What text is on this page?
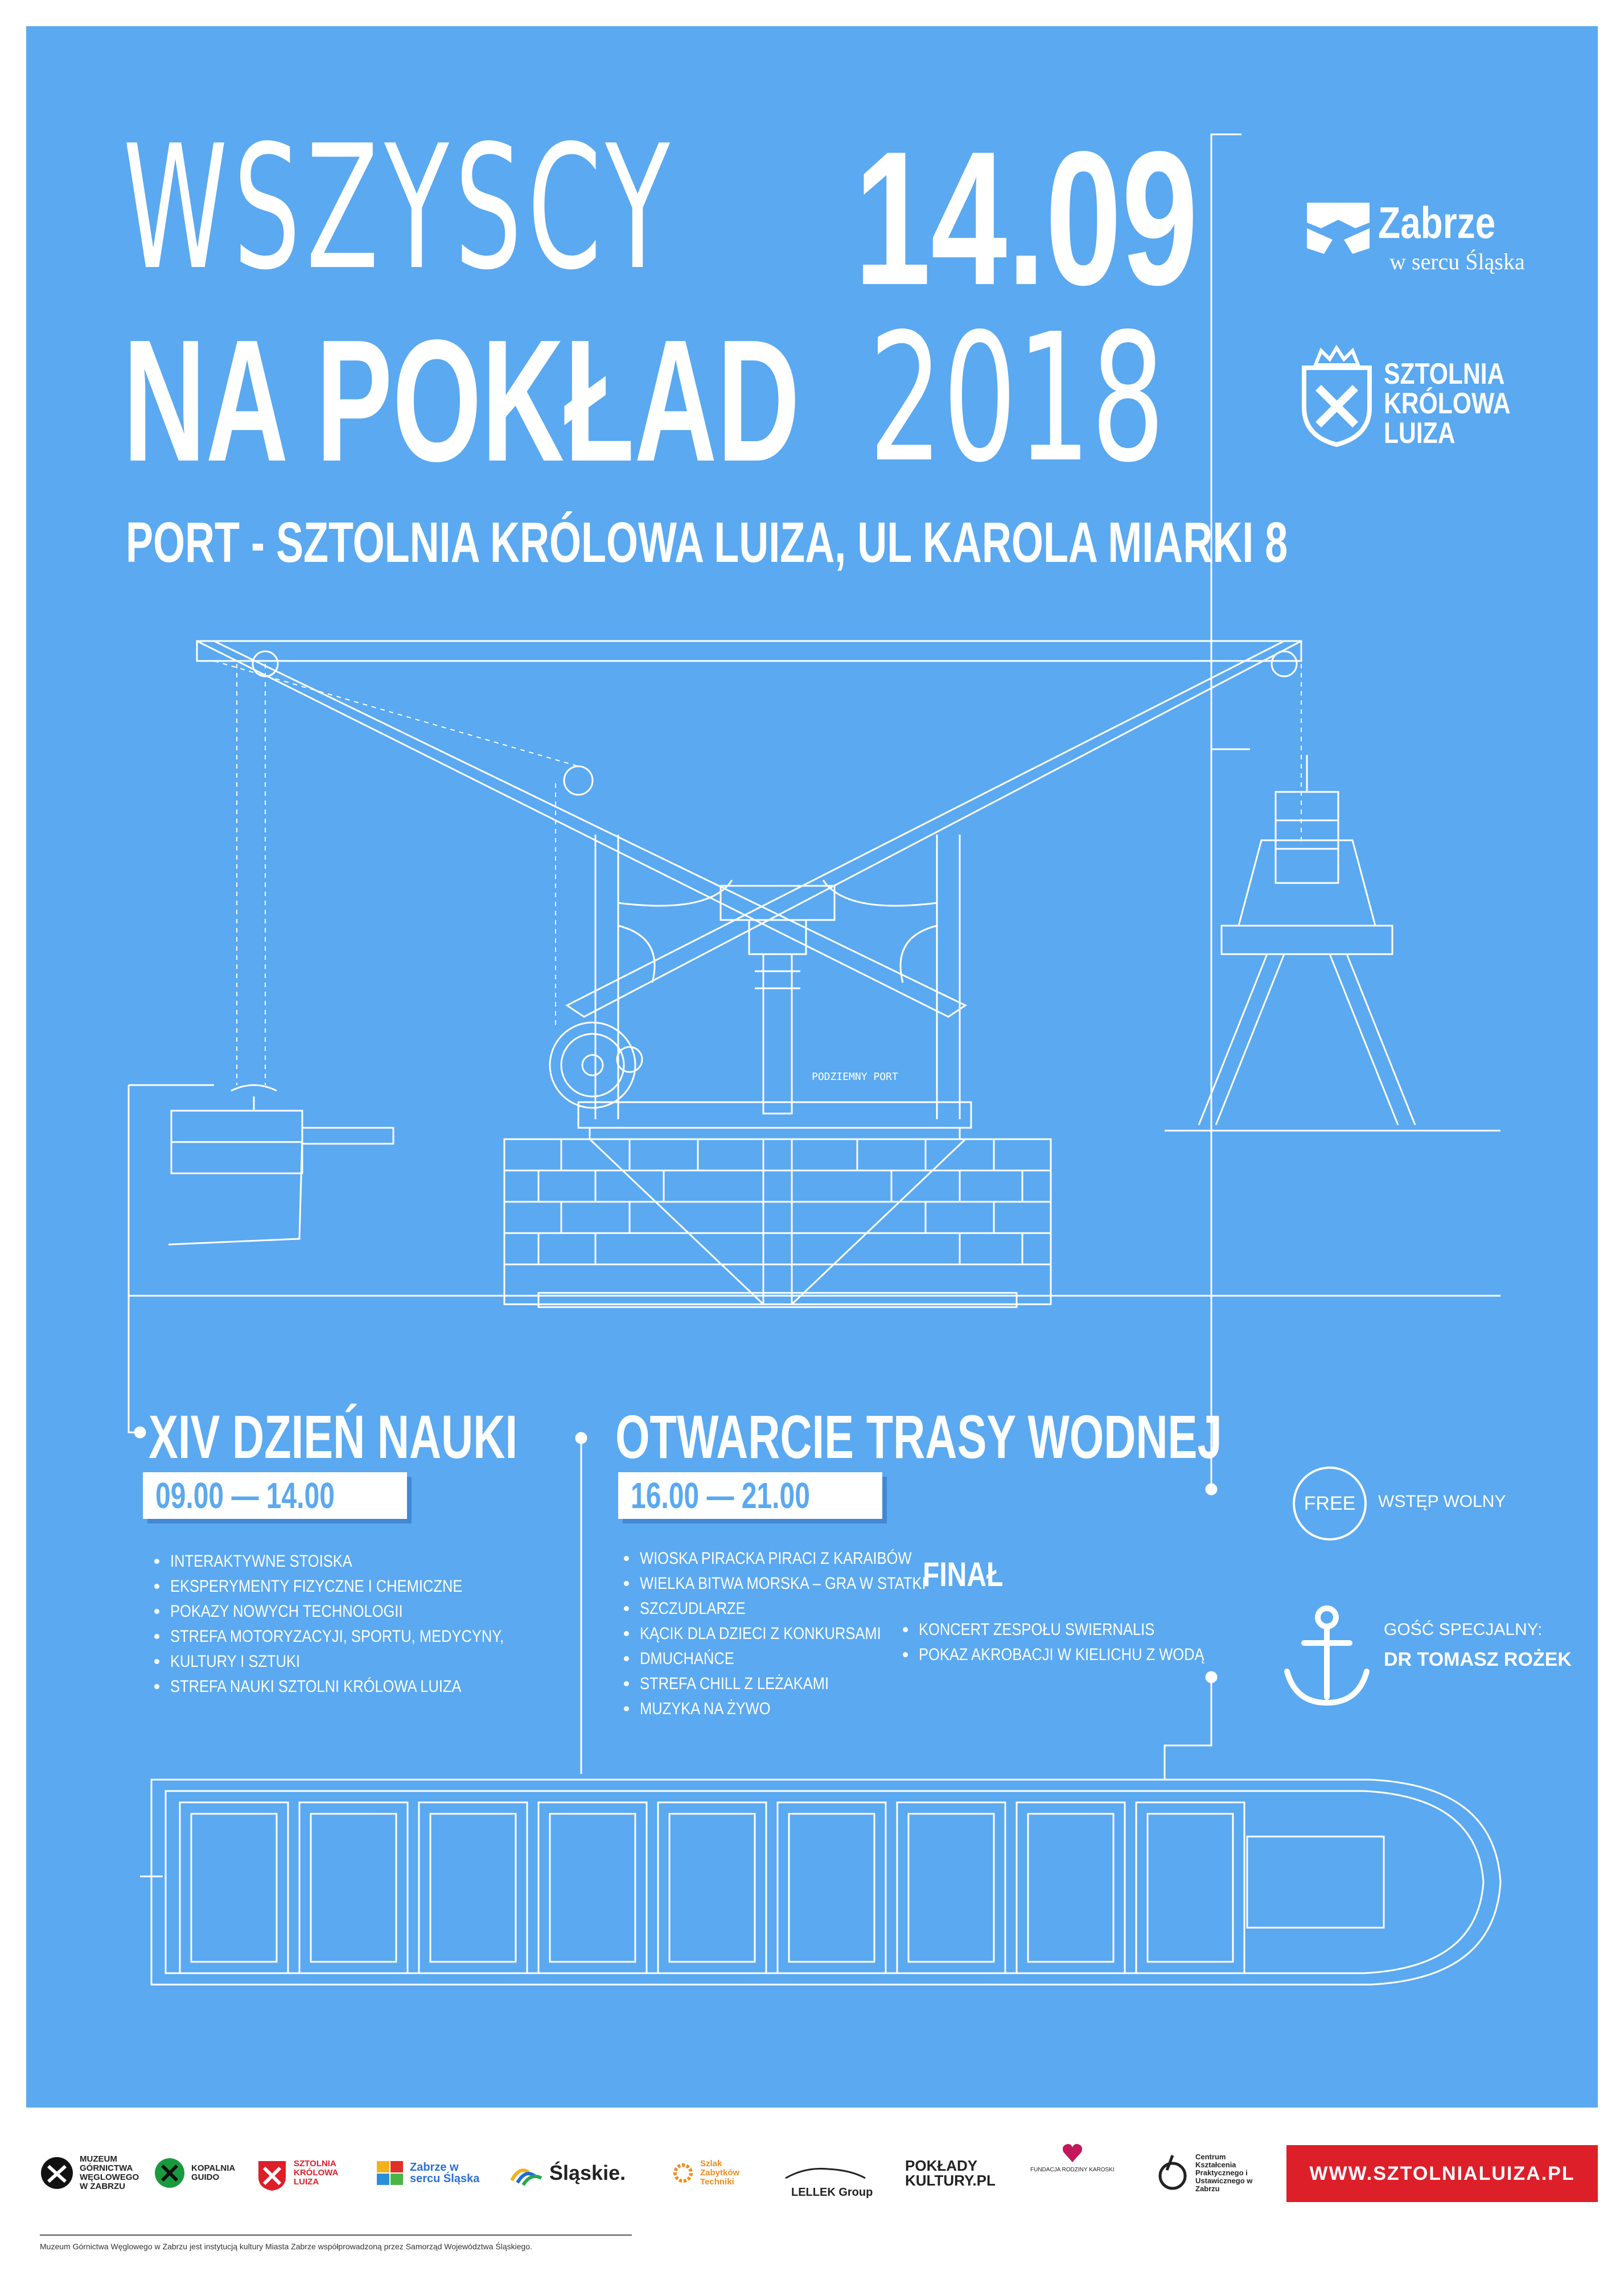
WSZYSCY
NA POKŁAD
14.09
2018
PORT - SZTOLNIA KRÓLOWA LUIZA, UL KAROLA MIARKI 8
Zabrze
w sercu Śląska
SZTOLNIA
KRÓLOWA
LUIZA
PODZIEMNY PORT
XIV DZIEŃ NAUKI
09.00 — 14.00
INTERAKTYWNE STOISKA
EKSPERYMENTY FIZYCZNE I CHEMICZNE
POKAZY NOWYCH TECHNOLOGII
STREFA MOTORYZACYJI, SPORTU, MEDYCYNY,
KULTURY I SZTUKI
STREFA NAUKI SZTOLNI KRÓLOWA LUIZA
OTWARCIE TRASY WODNEJ
16.00 — 21.00
WIOSKA PIRACKA PIRACI Z KARAIBÓW
WIELKA BITWA MORSKA – GRA W STATKI
SZCZUDLARZE
KĄCIK DLA DZIECI Z KONKURSAMI
DMUCHAŃCE
STREFA CHILL Z LEŻAKAMI
MUZYKA NA ŻYWO
FINAŁ
KONCERT ZESPOŁU SWIERNALIS
POKAZ AKROBACJI W KIELICHU Z WODĄ
FREE WSTĘP WOLNY
GOŚĆ SPECJALNY:
DR TOMASZ ROŻEK
MUZEUM GÓRNICTWA WĘGLOWEGO W ZABRZU
KOPALNIA GUIDO
SZTOLNIA KRÓLOWA LUIZA
Zabrze w sercu Śląska	Śląskie.	Szlak Zabytków Techniki
LELLEK Group
POKŁADY KULTURY.PL
FUNDACJA RODZINY KAROSKI
Centrum Kształcenia Praktycznego i Ustawicznego w Zabrzu
WWW.SZTOLNIALUIZA.PL
Muzeum Górnictwa Węglowego w Zabrzu jest instytucją kultury Miasta Zabrze współprowadzoną przez Samorząd Województwa Śląskiego.
